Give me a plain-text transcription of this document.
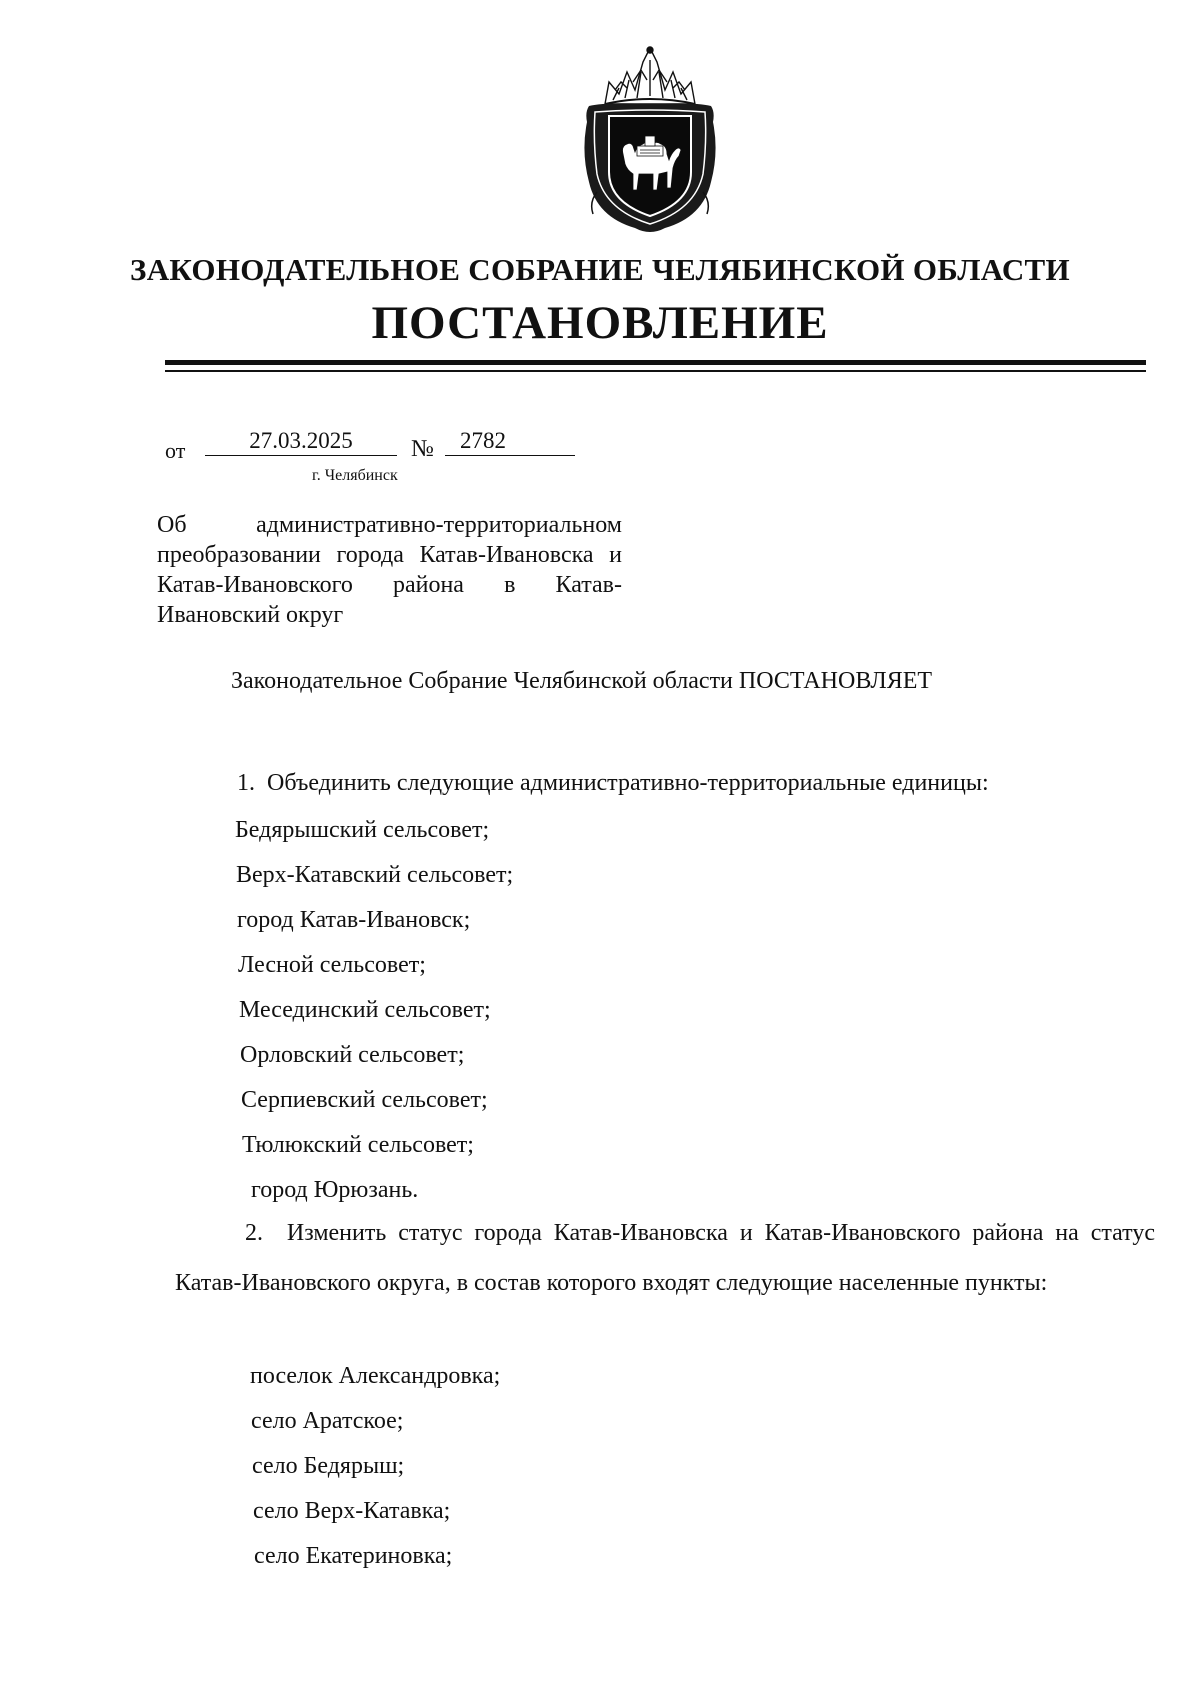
ЗАКОНОДАТЕЛЬНОЕ СОБРАНИЕ ЧЕЛЯБИНСКОЙ ОБЛАСТИ
ПОСТАНОВЛЕНИЕ
от	27.03.2025	№	2782
г. Челябинск
Об административно-территориальном преобразовании города Катав-Ивановска и Катав-Ивановского района в Катав-Ивановский округ
Законодательное Собрание Челябинской области ПОСТАНОВЛЯЕТ
1. Объединить следующие административно-территориальные единицы:
Бедярышский сельсовет;
Верх-Катавский сельсовет;
город Катав-Ивановск;
Лесной сельсовет;
Месединский сельсовет;
Орловский сельсовет;
Серпиевский сельсовет;
Тюлюкский сельсовет;
город Юрюзань.
2. Изменить статус города Катав-Ивановска и Катав-Ивановского района на статус Катав-Ивановского округа, в состав которого входят следующие населенные пункты:
поселок Александровка;
село Аратское;
село Бедярыш;
село Верх-Катавка;
село Екатериновка;
